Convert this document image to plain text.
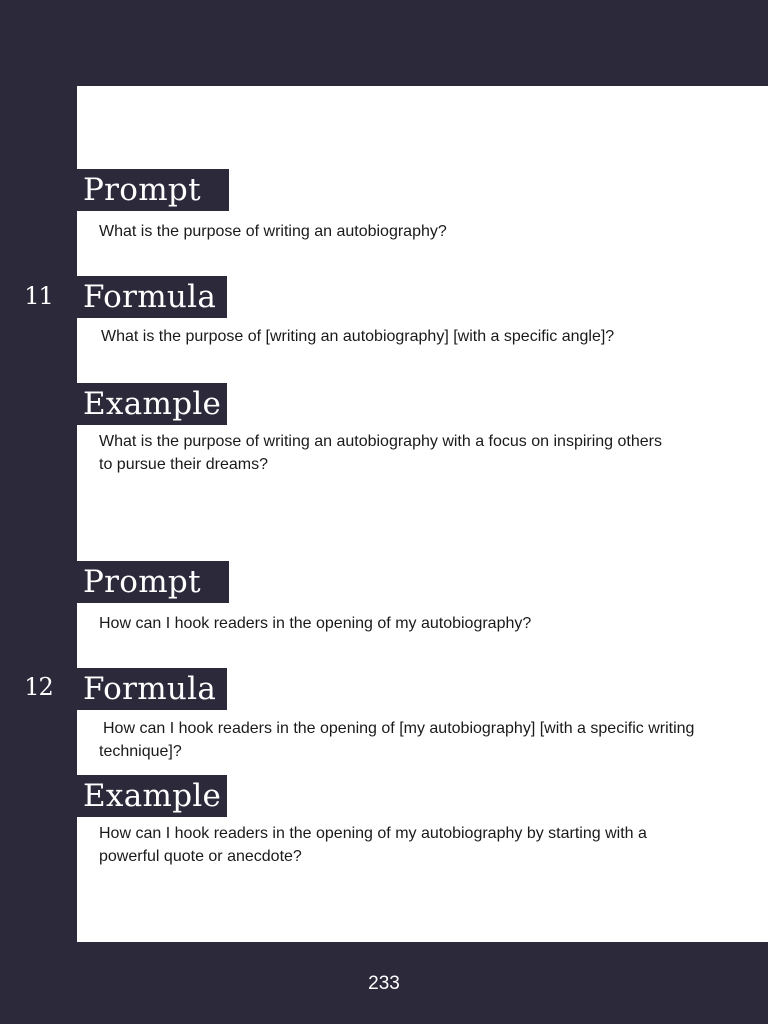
Prompt
What is the purpose of writing an autobiography?
11 Formula
What is the purpose of [writing an autobiography] [with a specific angle]?
Example
What is the purpose of writing an autobiography with a focus on inspiring others to pursue their dreams?
Prompt
How can I hook readers in the opening of my autobiography?
12 Formula
How can I hook readers in the opening of [my autobiography] [with a specific writing technique]?
Example
How can I hook readers in the opening of my autobiography by starting with a powerful quote or anecdote?
233
